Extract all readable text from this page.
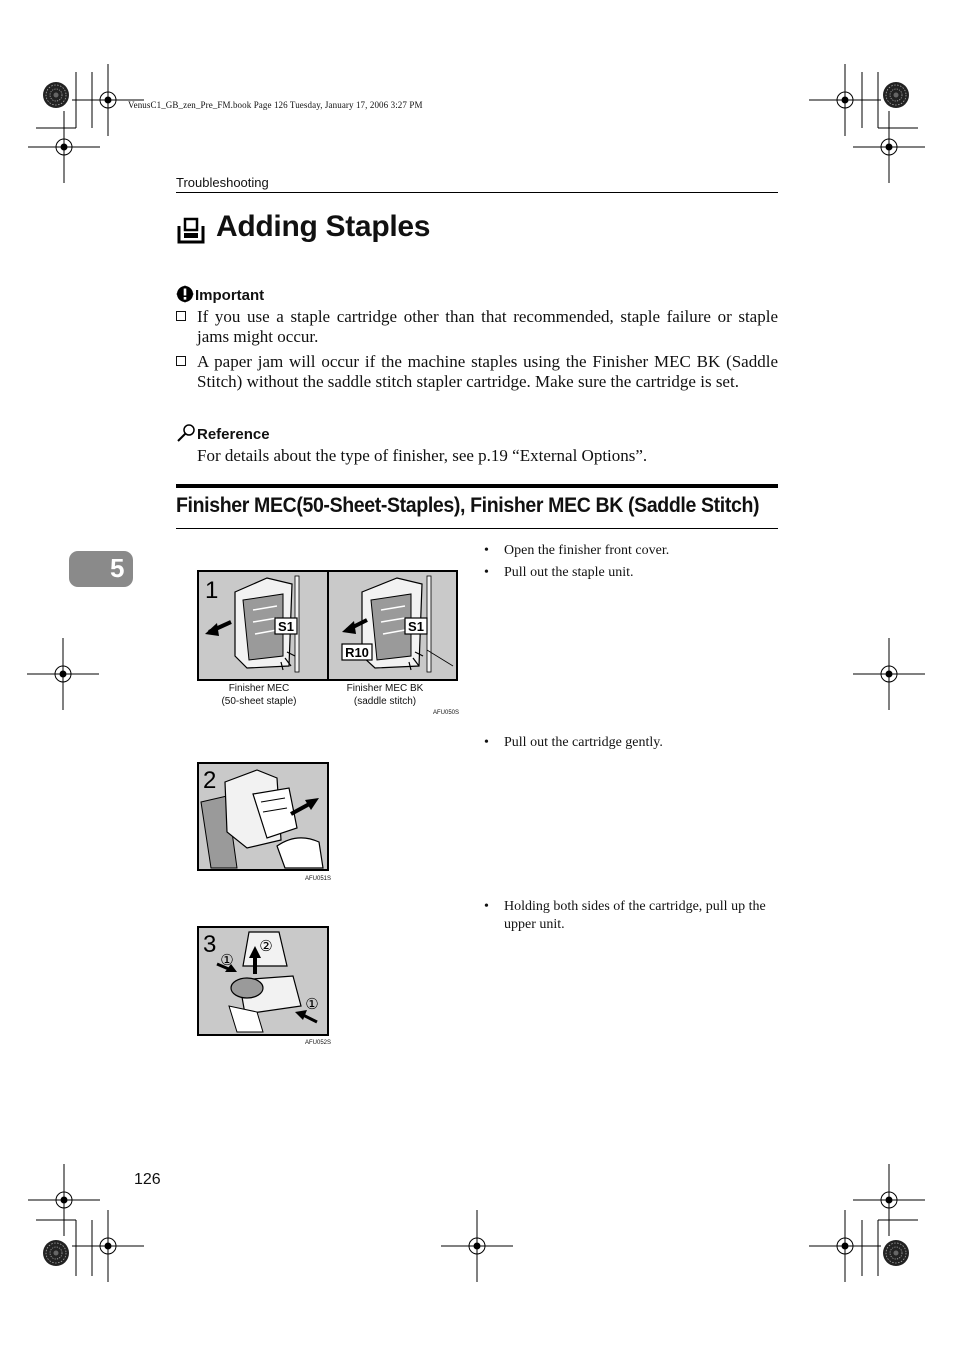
VenusC1_GB_zen_Pre_FM.book Page 126 Tuesday, January 17, 2006 3:27 PM
Troubleshooting
Adding Staples
Important
If you use a staple cartridge other than that recommended, staple failure or staple jams might occur.
A paper jam will occur if the machine staples using the Finisher MEC BK (Saddle Stitch) without the saddle stitch stapler cartridge. Make sure the cartridge is set.
Reference
For details about the type of finisher, see p.19 “External Options”.
Finisher MEC(50-Sheet-Staples), Finisher MEC BK (Saddle Stitch)
5
• Open the finisher front cover.
• Pull out the staple unit.
1
S1	S1
R10
Finisher MEC
(50-sheet staple)
Finisher MEC BK
(saddle stitch)
AFU050S
• Pull out the cartridge gently.
2
AFU051S
• Holding both sides of the cartridge, pull up the upper unit.
3
①
②
①
AFU052S
126
